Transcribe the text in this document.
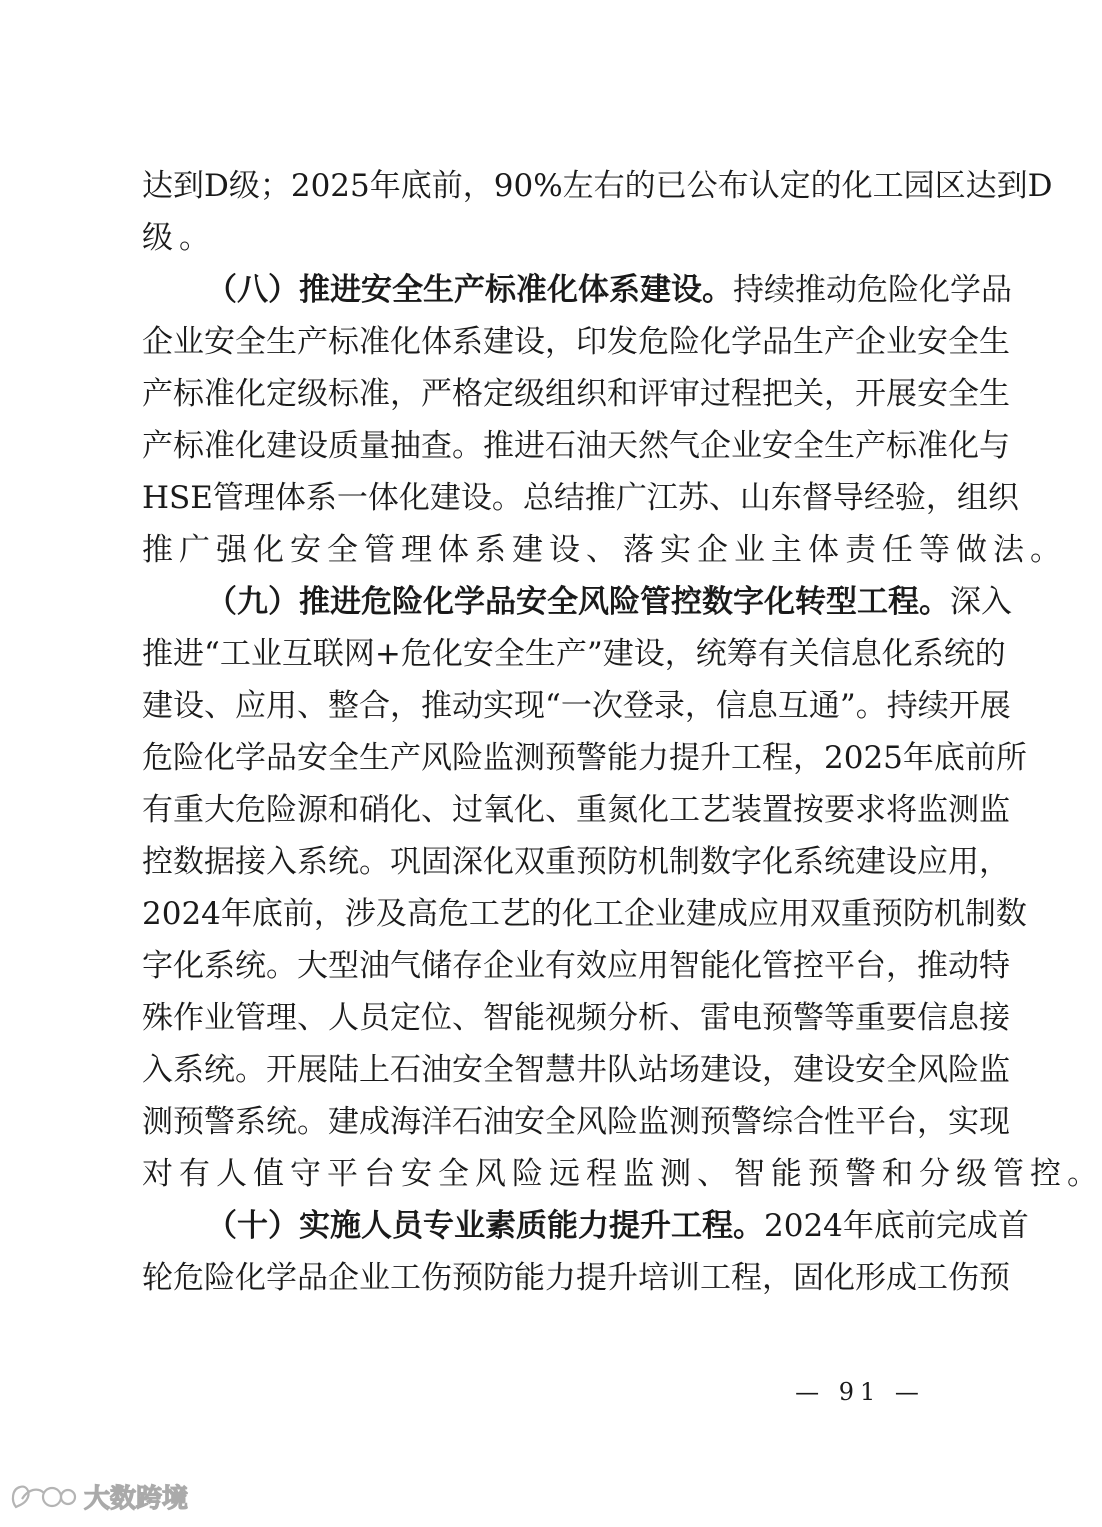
达 到 D 级 ； 2025 年 底 前 ， 90% 左 右 的 已 公 布 认 定 的 化 工 园 区 达 到 D
级 。
（ 八 ） 推 进 安 全 生 产 标 准 化 体 系 建 设 。 持 续 推 动 危 险 化 学 品
企 业 安 全 生 产 标 准 化 体 系 建 设 ， 印 发 危 险 化 学 品 生 产 企 业 安 全 生
产 标 准 化 定 级 标 准 ， 严 格 定 级 组 织 和 评 审 过 程 把 关 ， 开 展 安 全 生
产 标 准 化 建 设 质 量 抽 查 。 推 进 石 油 天 然 气 企 业 安 全 生 产 标 准 化 与
HSE 管 理 体 系 一 体 化 建 设 。 总 结 推 广 江 苏 、 山 东 督 导 经 验 ， 组 织
推 广 强 化 安 全 管 理 体 系 建 设 、 落 实 企 业 主 体 责 任 等 做 法 。
（ 九 ） 推 进 危 险 化 学 品 安 全 风 险 管 控 数 字 化 转 型 工 程 。 深 入
推 进 “ 工 业 互 联 网 + 危 化 安 全 生 产 ” 建 设 ， 统 筹 有 关 信 息 化 系 统 的
建 设 、 应 用 、 整 合 ， 推 动 实 现 “ 一 次 登 录 ， 信 息 互 通 ” 。 持 续 开 展
危 险 化 学 品 安 全 生 产 风 险 监 测 预 警 能 力 提 升 工 程 ， 2025 年 底 前 所
有 重 大 危 险 源 和 硝 化 、 过 氧 化 、 重 氮 化 工 艺 装 置 按 要 求 将 监 测 监
控 数 据 接 入 系 统 。 巩 固 深 化 双 重 预 防 机 制 数 字 化 系 统 建 设 应 用 ，
2024 年 底 前 ， 涉 及 高 危 工 艺 的 化 工 企 业 建 成 应 用 双 重 预 防 机 制 数
字 化 系 统 。 大 型 油 气 储 存 企 业 有 效 应 用 智 能 化 管 控 平 台 ， 推 动 特
殊 作 业 管 理 、 人 员 定 位 、 智 能 视 频 分 析 、 雷 电 预 警 等 重 要 信 息 接
入 系 统 。 开 展 陆 上 石 油 安 全 智 慧 井 队 站 场 建 设 ， 建 设 安 全 风 险 监
测 预 警 系 统 。 建 成 海 洋 石 油 安 全 风 险 监 测 预 警 综 合 性 平 台 ， 实 现
对 有 人 值 守 平 台 安 全 风 险 远 程 监 测 、 智 能 预 警 和 分 级 管 控 。
（ 十 ） 实 施 人 员 专 业 素 质 能 力 提 升 工 程 。 2024 年 底 前 完 成 首
轮 危 险 化 学 品 企 业 工 伤 预 防 能 力 提 升 培 训 工 程 ， 固 化 形 成 工 伤 预
— 91 —
大数跨境
